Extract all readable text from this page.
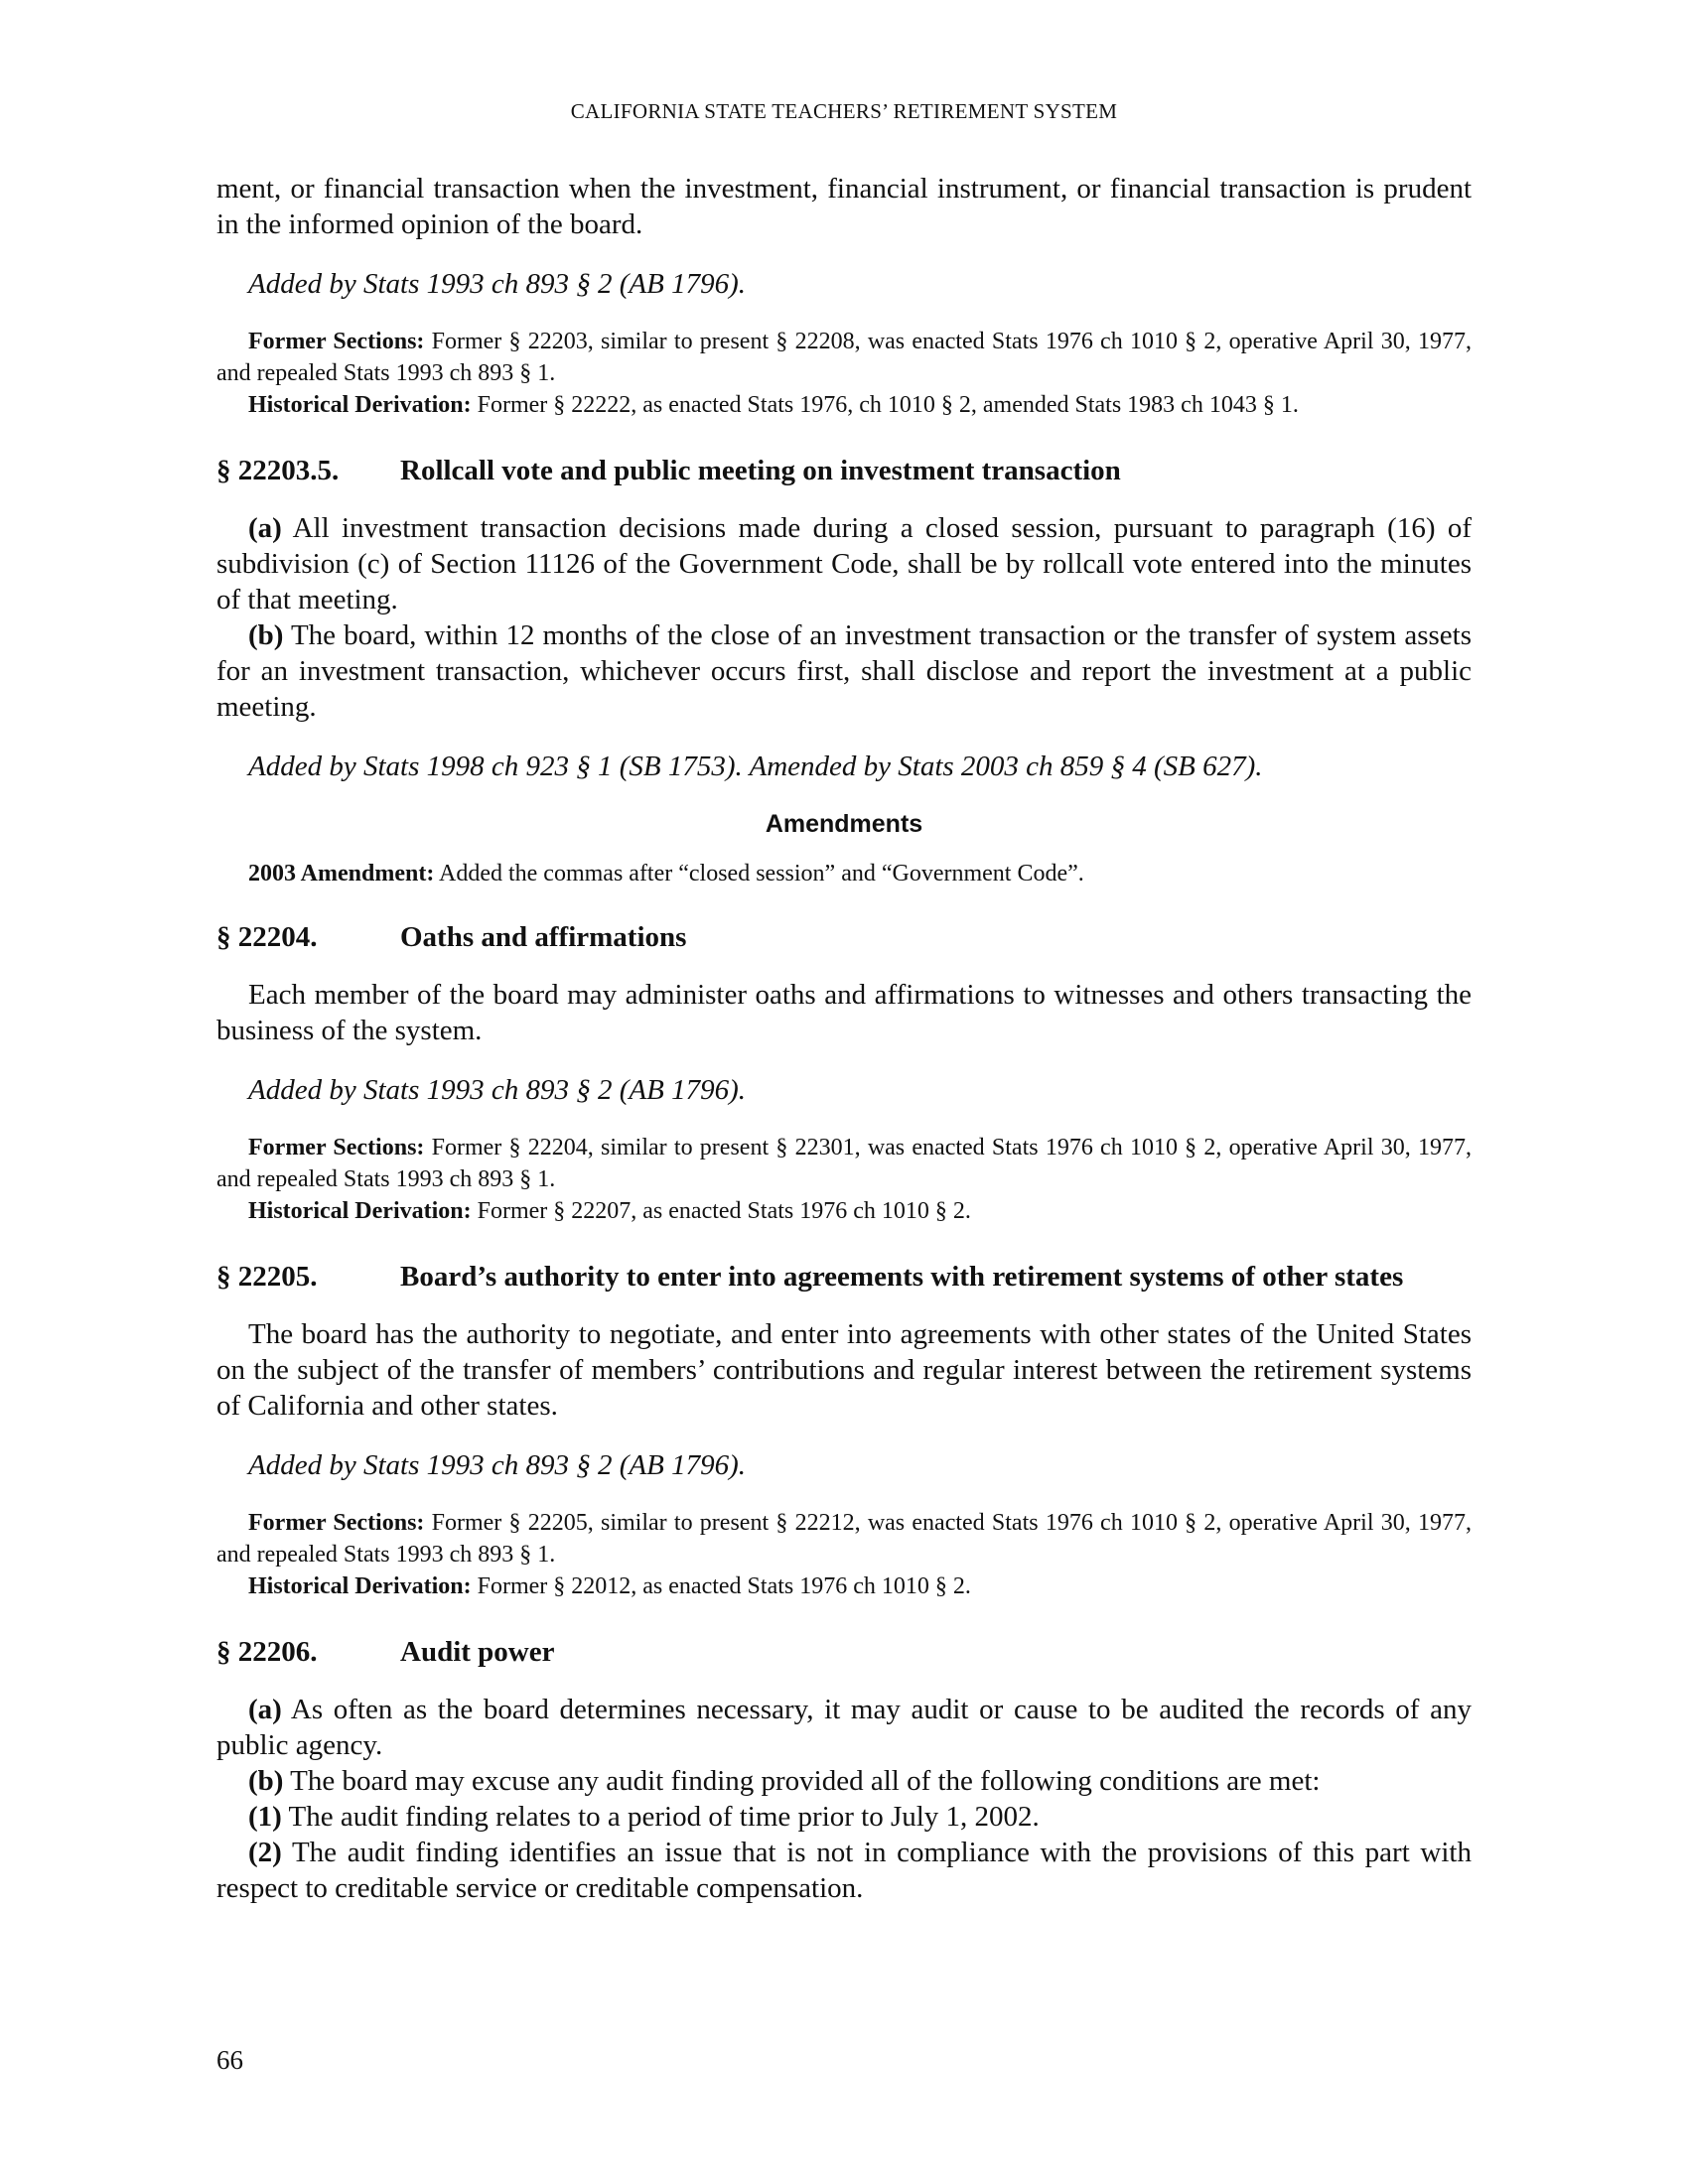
CALIFORNIA STATE TEACHERS’ RETIREMENT SYSTEM

ment, or financial transaction when the investment, financial instrument, or financial transaction is prudent in the informed opinion of the board.

Added by Stats 1993 ch 893 § 2 (AB 1796).

Former Sections: Former § 22203, similar to present § 22208, was enacted Stats 1976 ch 1010 § 2, operative April 30, 1977, and repealed Stats 1993 ch 893 § 1.

Historical Derivation: Former § 22222, as enacted Stats 1976, ch 1010 § 2, amended Stats 1983 ch 1043 § 1.

§ 22203.5. Rollcall vote and public meeting on investment transaction

(a) All investment transaction decisions made during a closed session, pursuant to paragraph (16) of subdivision (c) of Section 11126 of the Government Code, shall be by rollcall vote entered into the minutes of that meeting.

(b) The board, within 12 months of the close of an investment transaction or the transfer of system assets for an investment transaction, whichever occurs first, shall disclose and report the investment at a public meeting.

Added by Stats 1998 ch 923 § 1 (SB 1753). Amended by Stats 2003 ch 859 § 4 (SB 627).

Amendments

2003 Amendment: Added the commas after “closed session” and “Government Code”.

§ 22204.	Oaths and affirmations

Each member of the board may administer oaths and affirmations to witnesses and others transacting the business of the system.

Added by Stats 1993 ch 893 § 2 (AB 1796).

Former Sections: Former § 22204, similar to present § 22301, was enacted Stats 1976 ch 1010 § 2, operative April 30, 1977, and repealed Stats 1993 ch 893 § 1.

Historical Derivation: Former § 22207, as enacted Stats 1976 ch 1010 § 2.

§ 22205.	Board’s authority to enter into agreements with retirement systems of other states

The board has the authority to negotiate, and enter into agreements with other states of the United States on the subject of the transfer of members’ contributions and regular interest between the retirement systems of California and other states.

Added by Stats 1993 ch 893 § 2 (AB 1796).

Former Sections: Former § 22205, similar to present § 22212, was enacted Stats 1976 ch 1010 § 2, operative April 30, 1977, and repealed Stats 1993 ch 893 § 1.

Historical Derivation: Former § 22012, as enacted Stats 1976 ch 1010 § 2.

§ 22206.	Audit power

(a) As often as the board determines necessary, it may audit or cause to be audited the records of any public agency.

(b) The board may excuse any audit finding provided all of the following conditions are met:

(1) The audit finding relates to a period of time prior to July 1, 2002.

(2) The audit finding identifies an issue that is not in compliance with the provisions of this part with respect to creditable service or creditable compensation.

66
